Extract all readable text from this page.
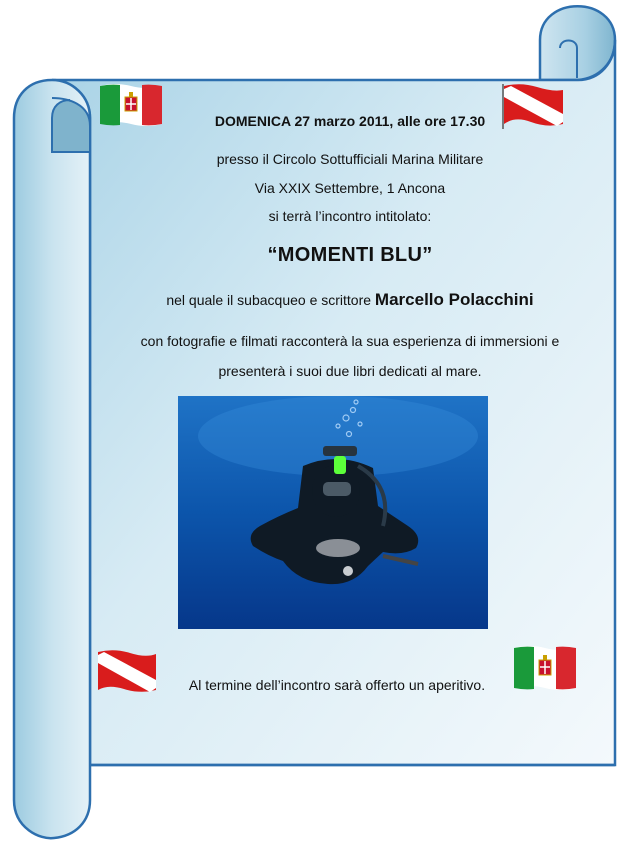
DOMENICA 27 marzo 2011, alle ore 17.30
presso il Circolo Sottufficiali Marina Militare
Via XXIX Settembre, 1 Ancona
si terrà l’incontro intitolato:
“MOMENTI BLU”
nel quale il subacqueo e scrittore Marcello Polacchini
con fotografie e filmati racconterà la sua esperienza di immersioni e
presenterà i suoi due libri dedicati al mare.
Al termine dell’incontro sarà offerto un aperitivo.
